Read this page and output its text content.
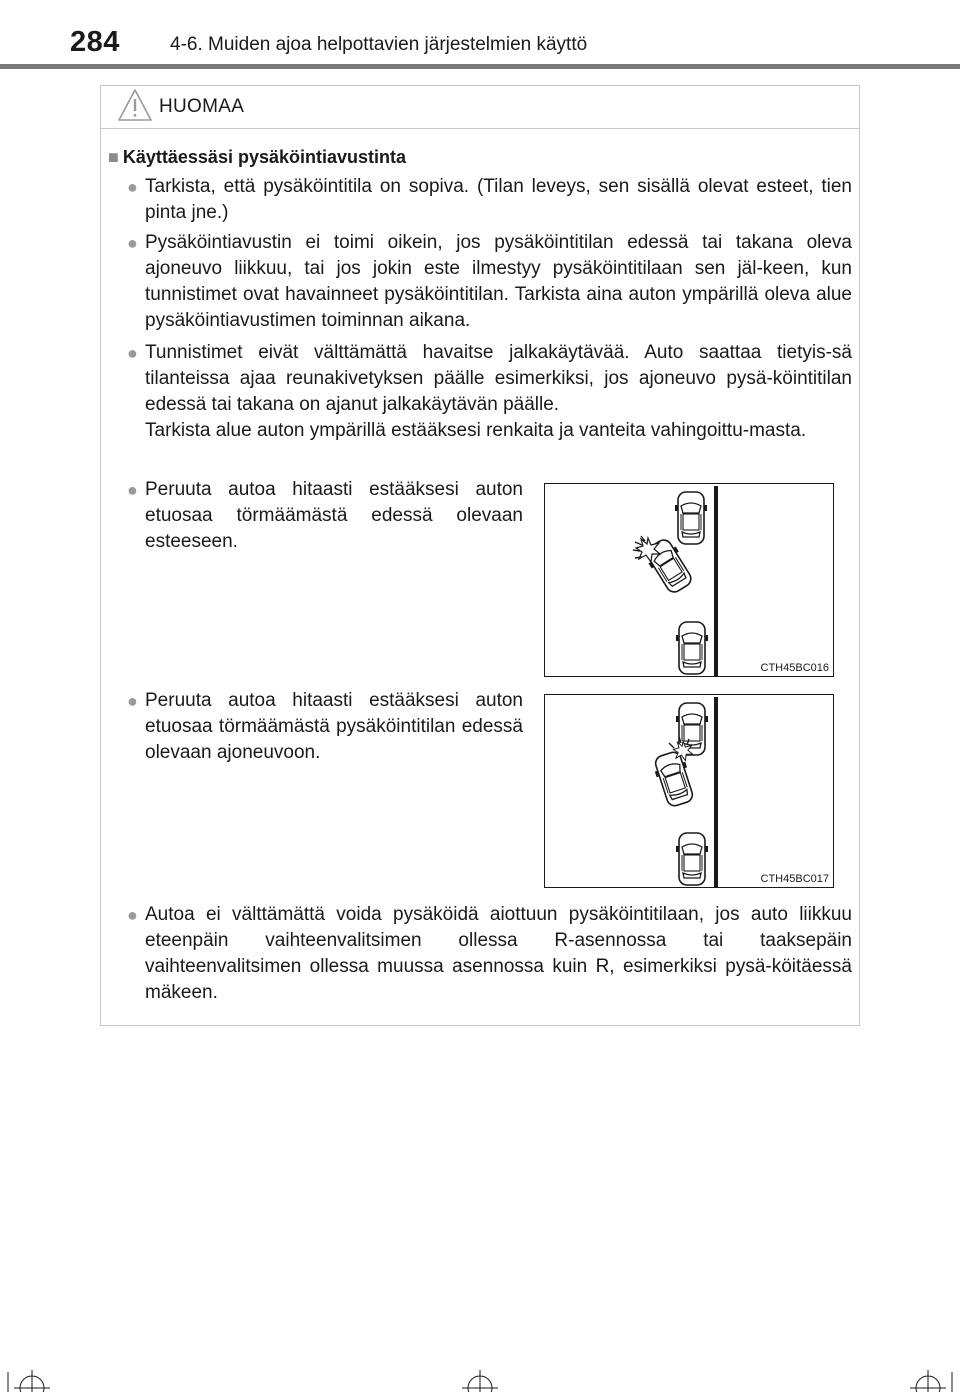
284	4-6. Muiden ajoa helpottavien järjestelmien käyttö
HUOMAA
■ Käyttäessäsi pysäköintiavustinta
● Tarkista, että pysäköintitila on sopiva. (Tilan leveys, sen sisällä olevat esteet, tien pinta jne.)
● Pysäköintiavustin ei toimi oikein, jos pysäköintitilan edessä tai takana oleva ajoneuvo liikkuu, tai jos jokin este ilmestyy pysäköintitilaan sen jäl-keen, kun tunnistimet ovat havainneet pysäköintitilan. Tarkista aina auton ympärillä oleva alue pysäköintiavustimen toiminnan aikana.
● Tunnistimet eivät välttämättä havaitse jalkakäytävää. Auto saattaa tietyis-sä tilanteissa ajaa reunakivetyksen päälle esimerkiksi, jos ajoneuvo pysä-köintitilan edessä tai takana on ajanut jalkakäytävän päälle.
Tarkista alue auton ympärillä estääksesi renkaita ja vanteita vahingoittu-masta.
● Peruuta autoa hitaasti estääksesi auton etuosaa törmäämästä edessä olevaan esteeseen.
● Peruuta autoa hitaasti estääksesi auton etuosaa törmäämästä pysäköintitilan edessä olevaan ajoneuvoon.
● Autoa ei välttämättä voida pysäköidä aiottuun pysäköintitilaan, jos auto liikkuu eteenpäin vaihteenvalitsimen ollessa R-asennossa tai taaksepäin vaihteenvalitsimen ollessa muussa asennossa kuin R, esimerkiksi pysä-köitäessä mäkeen.
CTH45BC016
CTH45BC017
